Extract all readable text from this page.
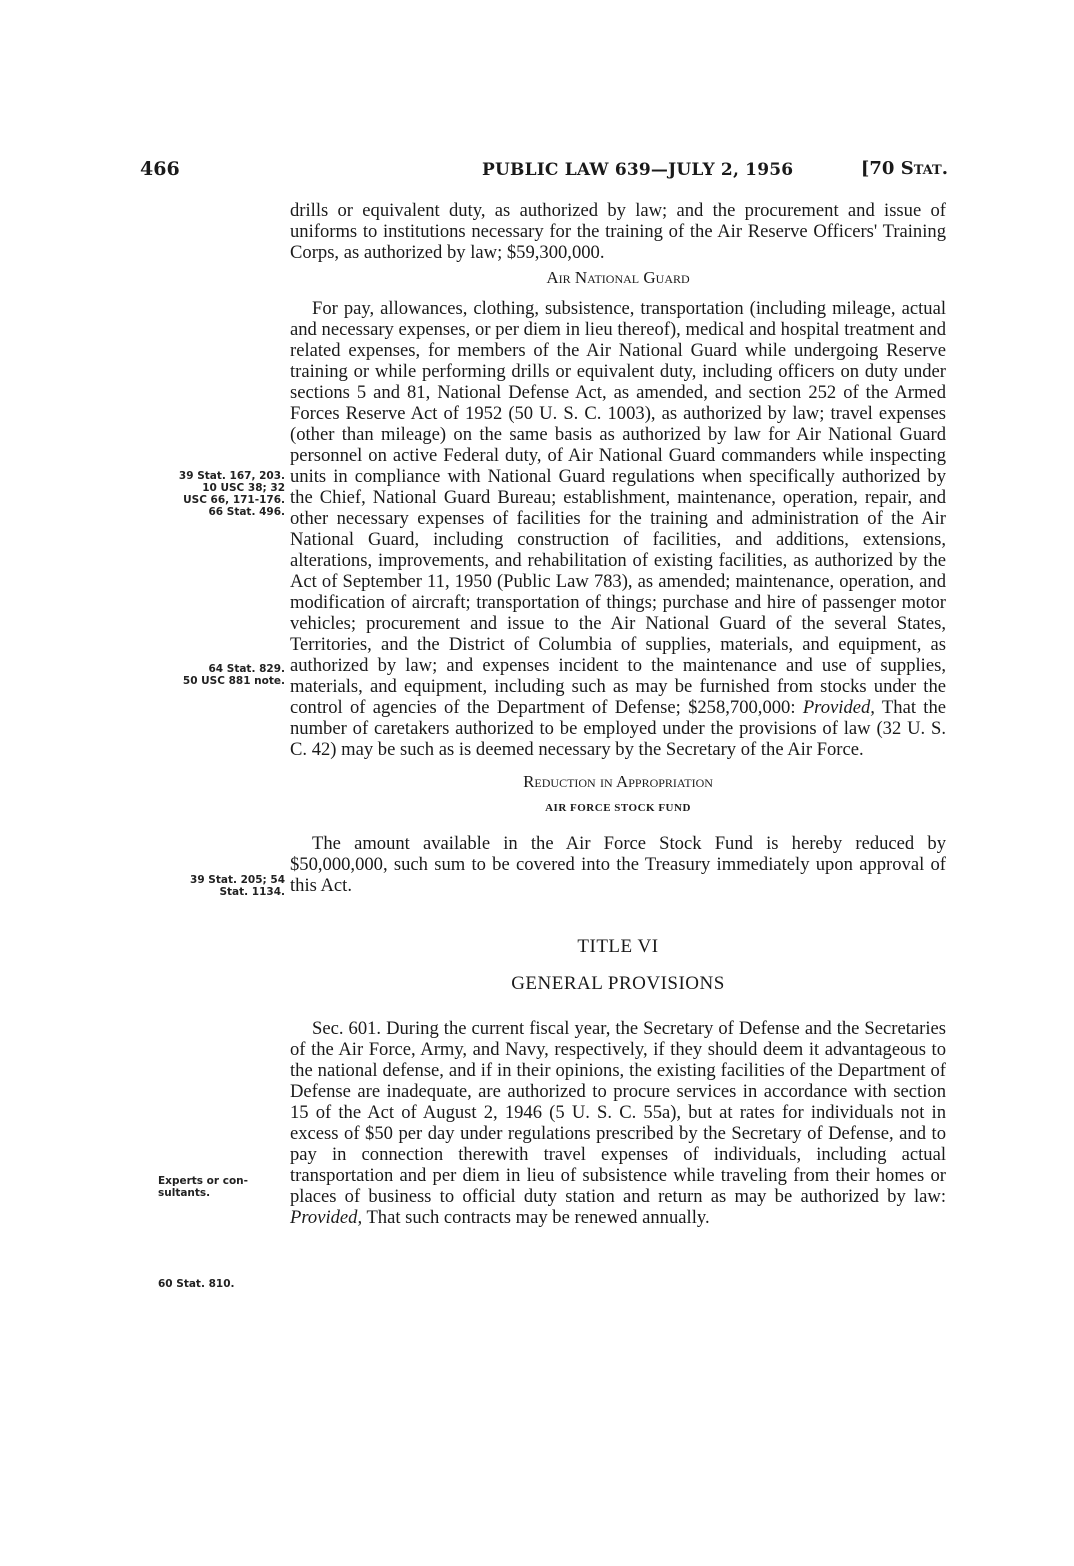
466	PUBLIC LAW 639—JULY 2, 1956	[70 Stat.
39 Stat. 167, 203.
10 USC 38; 32
USC 66, 171-176.
66 Stat. 496.
64 Stat. 829.
50 USC 881 note.
39 Stat. 205; 54
Stat. 1134.
Experts or con-
sultants.
60 Stat. 810.

drills or equivalent duty, as authorized by law; and the procurement and issue of uniforms to institutions necessary for the training of the Air Reserve Officers' Training Corps, as authorized by law; $59,300,000.

Air National Guard

For pay, allowances, clothing, subsistence, transportation (including mileage, actual and necessary expenses, or per diem in lieu thereof), medical and hospital treatment and related expenses, for members of the Air National Guard while undergoing Reserve training or while performing drills or equivalent duty, including officers on duty under sections 5 and 81, National Defense Act, as amended, and section 252 of the Armed Forces Reserve Act of 1952 (50 U. S. C. 1003), as authorized by law; travel expenses (other than mileage) on the same basis as authorized by law for Air National Guard personnel on active Federal duty, of Air National Guard commanders while inspecting units in compliance with National Guard regulations when specifically authorized by the Chief, National Guard Bureau; establishment, maintenance, operation, repair, and other necessary expenses of facilities for the training and administration of the Air National Guard, including construction of facilities, and additions, extensions, alterations, improvements, and rehabilitation of existing facilities, as authorized by the Act of September 11, 1950 (Public Law 783), as amended; maintenance, operation, and modification of aircraft; transportation of things; purchase and hire of passenger motor vehicles; procurement and issue to the Air National Guard of the several States, Territories, and the District of Columbia of supplies, materials, and equipment, as authorized by law; and expenses incident to the maintenance and use of supplies, materials, and equipment, including such as may be furnished from stocks under the control of agencies of the Department of Defense; $258,700,000: Provided, That the number of caretakers authorized to be employed under the provisions of law (32 U. S. C. 42) may be such as is deemed necessary by the Secretary of the Air Force.

Reduction in Appropriation

AIR FORCE STOCK FUND

The amount available in the Air Force Stock Fund is hereby reduced by $50,000,000, such sum to be covered into the Treasury immediately upon approval of this Act.

TITLE VI

GENERAL PROVISIONS

Sec. 601. During the current fiscal year, the Secretary of Defense and the Secretaries of the Air Force, Army, and Navy, respectively, if they should deem it advantageous to the national defense, and if in their opinions, the existing facilities of the Department of Defense are inadequate, are authorized to procure services in accordance with section 15 of the Act of August 2, 1946 (5 U. S. C. 55a), but at rates for individuals not in excess of $50 per day under regulations prescribed by the Secretary of Defense, and to pay in connection therewith travel expenses of individuals, including actual transportation and per diem in lieu of subsistence while traveling from their homes or places of business to official duty station and return as may be authorized by law: Provided, That such contracts may be renewed annually.
